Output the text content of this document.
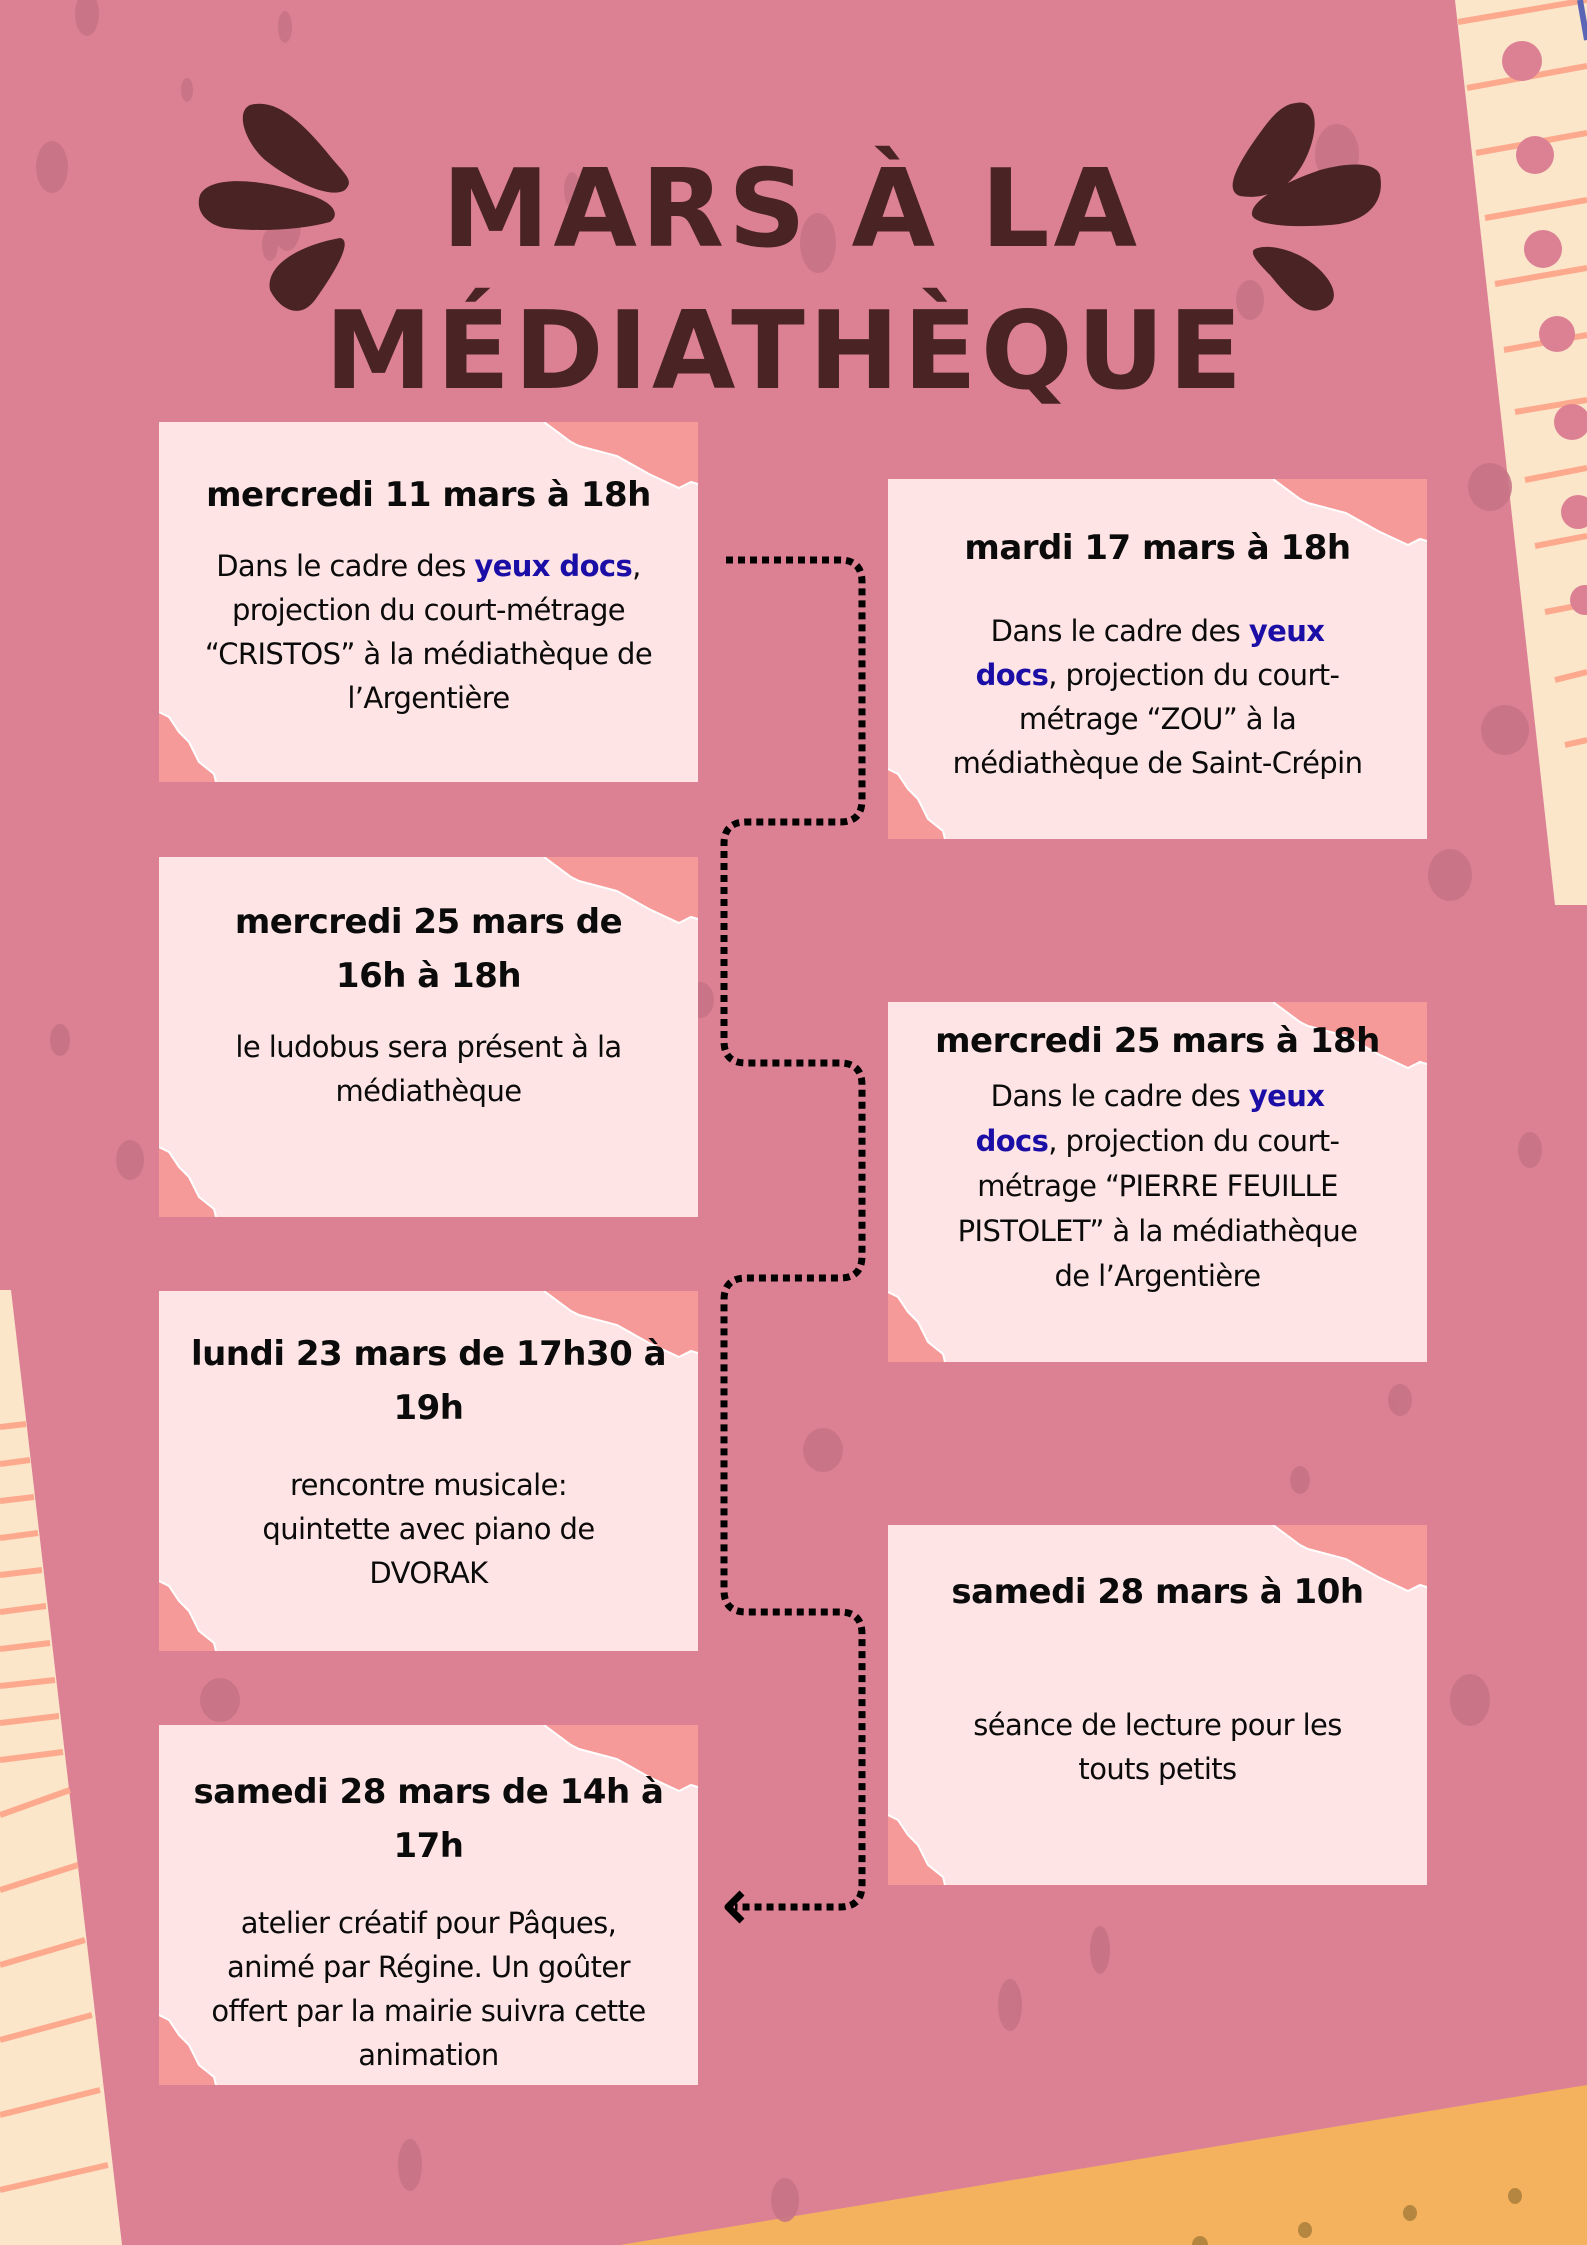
MARS À LA
MÉDIATHÈQUE
mercredi 11 mars à 18h

Dans le cadre des yeux docs, projection du court-métrage “CRISTOS” à la médiathèque de l’Argentière

mardi 17 mars à 18h

Dans le cadre des yeux docs, projection du court-métrage “ZOU” à la médiathèque de Saint-Crépin

mercredi 25 mars de 16h à 18h

le ludobus sera présent à la médiathèque

mercredi 25 mars à 18h

Dans le cadre des yeux docs, projection du court-métrage “PIERRE FEUILLE PISTOLET” à la médiathèque de l’Argentière

lundi 23 mars de 17h30 à 19h

rencontre musicale: quintette avec piano de DVORAK	samedi 28 mars à 10h

séance de lecture pour les touts petits

samedi 28 mars de 14h à 17h

atelier créatif pour Pâques, animé par Régine. Un goûter offert par la mairie suivra cette animation
